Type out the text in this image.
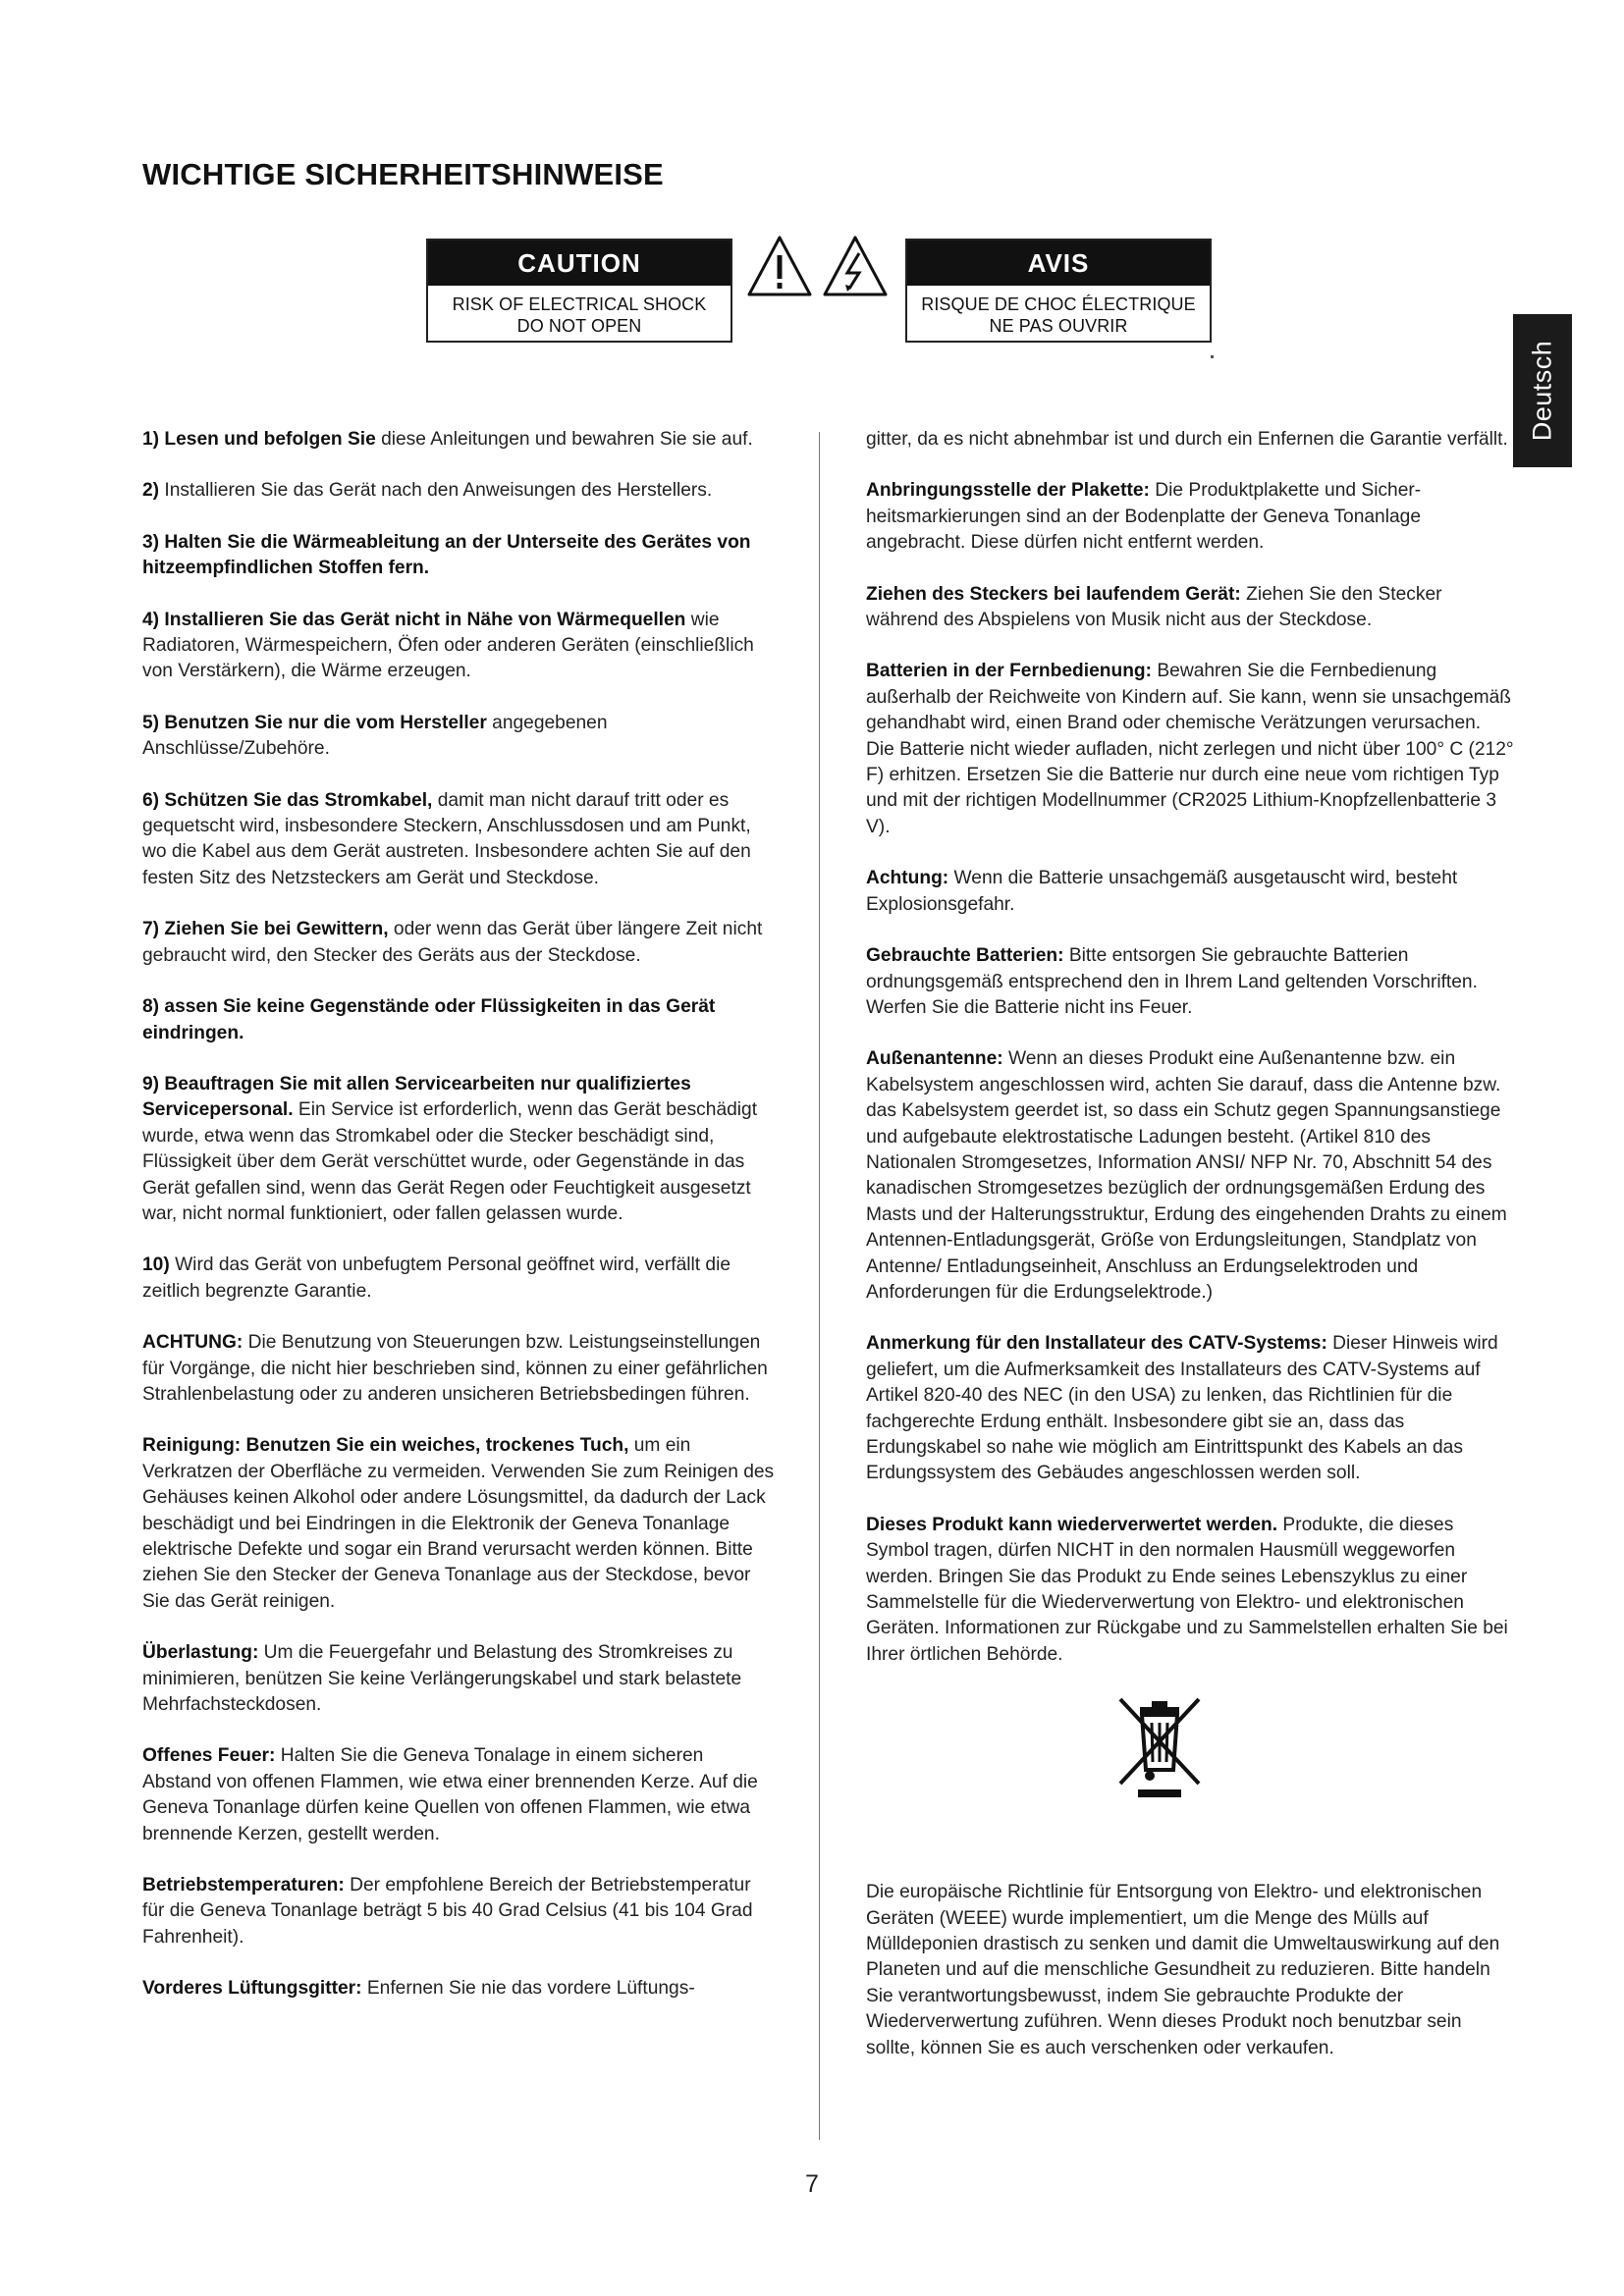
WICHTIGE SICHERHEITSHINWEISE
CAUTION
RISK OF ELECTRICAL SHOCK
DO NOT OPEN
AVIS
RISQUE DE CHOC ÉLECTRIQUE
NE PAS OUVRIR
Deutsch

1) Lesen und befolgen Sie diese Anleitungen und bewahren Sie sie auf.

2) Installieren Sie das Gerät nach den Anweisungen des Herstellers.

3) Halten Sie die Wärmeableitung an der Unterseite des Gerätes von hitzeempfindlichen Stoffen fern.

4) Installieren Sie das Gerät nicht in Nähe von Wärmequellen wie Radiatoren, Wärmespeichern, Öfen oder anderen Geräten (einschließlich von Verstärkern), die Wärme erzeugen.

5) Benutzen Sie nur die vom Hersteller angegebenen Anschlüsse/Zubehöre.

6) Schützen Sie das Stromkabel, damit man nicht darauf tritt oder es gequetscht wird, insbesondere Steckern, Anschlussdosen und am Punkt, wo die Kabel aus dem Gerät austreten. Insbesondere achten Sie auf den festen Sitz des Netzsteckers am Gerät und Steckdose.

7) Ziehen Sie bei Gewittern, oder wenn das Gerät über längere Zeit nicht gebraucht wird, den Stecker des Geräts aus der Steckdose.

8) assen Sie keine Gegenstände oder Flüssigkeiten in das Gerät eindringen.

9) Beauftragen Sie mit allen Servicearbeiten nur qualifiziertes Servicepersonal. Ein Service ist erforderlich, wenn das Gerät beschädigt wurde, etwa wenn das Stromkabel oder die Stecker beschädigt sind, Flüssigkeit über dem Gerät verschüttet wurde, oder Gegenstände in das Gerät gefallen sind, wenn das Gerät Regen oder Feuchtigkeit ausgesetzt war, nicht normal funktioniert, oder fallen gelassen wurde.

10) Wird das Gerät von unbefugtem Personal geöffnet wird, verfällt die zeitlich begrenzte Garantie.

ACHTUNG: Die Benutzung von Steuerungen bzw. Leistungseinstellungen für Vorgänge, die nicht hier beschrieben sind, können zu einer gefährlichen Strahlenbelastung oder zu anderen unsicheren Betriebsbedingen führen.

Reinigung: Benutzen Sie ein weiches, trockenes Tuch, um ein Verkratzen der Oberfläche zu vermeiden. Verwenden Sie zum Reinigen des Gehäuses keinen Alkohol oder andere Lösungsmittel, da dadurch der Lack beschädigt und bei Eindringen in die Elektronik der Geneva Tonanlage elektrische Defekte und sogar ein Brand verursacht werden können. Bitte ziehen Sie den Stecker der Geneva Tonanlage aus der Steckdose, bevor Sie das Gerät reinigen.

Überlastung: Um die Feuergefahr und Belastung des Stromkreises zu minimieren, benützen Sie keine Verlängerungskabel und stark belastete Mehrfachsteckdosen.

Offenes Feuer: Halten Sie die Geneva Tonalage in einem sicheren Abstand von offenen Flammen, wie etwa einer brennenden Kerze. Auf die Geneva Tonanlage dürfen keine Quellen von offenen Flammen, wie etwa brennende Kerzen, gestellt werden.

Betriebstemperaturen: Der empfohlene Bereich der Betriebstemperatur für die Geneva Tonanlage beträgt 5 bis 40 Grad Celsius (41 bis 104 Grad Fahrenheit).

Vorderes Lüftungsgitter: Enfernen Sie nie das vordere Lüftungs-

gitter, da es nicht abnehmbar ist und durch ein Enfernen die Garantie verfällt.

Anbringungsstelle der Plakette: Die Produktplakette und Sicherheitsmarkierungen sind an der Bodenplatte der Geneva Tonanlage angebracht. Diese dürfen nicht entfernt werden.

Ziehen des Steckers bei laufendem Gerät: Ziehen Sie den Stecker während des Abspielens von Musik nicht aus der Steckdose.

Batterien in der Fernbedienung: Bewahren Sie die Fernbedienung außerhalb der Reichweite von Kindern auf. Sie kann, wenn sie unsachgemäß gehandhabt wird, einen Brand oder chemische Verätzungen verursachen. Die Batterie nicht wieder aufladen, nicht zerlegen und nicht über 100° C (212° F) erhitzen. Ersetzen Sie die Batterie nur durch eine neue vom richtigen Typ und mit der richtigen Modellnummer (CR2025 Lithium-Knopfzellenbatterie 3 V).

Achtung: Wenn die Batterie unsachgemäß ausgetauscht wird, besteht Explosionsgefahr.

Gebrauchte Batterien: Bitte entsorgen Sie gebrauchte Batterien ordnungsgemäß entsprechend den in Ihrem Land geltenden Vorschriften. Werfen Sie die Batterie nicht ins Feuer.

Außenantenne: Wenn an dieses Produkt eine Außenantenne bzw. ein Kabelsystem angeschlossen wird, achten Sie darauf, dass die Antenne bzw. das Kabelsystem geerdet ist, so dass ein Schutz gegen Spannungsanstiege und aufgebaute elektrostatische Ladungen besteht. (Artikel 810 des Nationalen Stromgesetzes, Information ANSI/ NFP Nr. 70, Abschnitt 54 des kanadischen Stromgesetzes bezüglich der ordnungsgemäßen Erdung des Masts und der Halterungsstruktur, Erdung des eingehenden Drahts zu einem Antennen-Entladungsgerät, Größe von Erdungsleitungen, Standplatz von Antenne/ Entladungseinheit, Anschluss an Erdungselektroden und Anforderungen für die Erdungselektrode.)

Anmerkung für den Installateur des CATV-Systems: Dieser Hinweis wird geliefert, um die Aufmerksamkeit des Installateurs des CATV-Systems auf Artikel 820-40 des NEC (in den USA) zu lenken, das Richtlinien für die fachgerechte Erdung enthält. Insbesondere gibt sie an, dass das Erdungskabel so nahe wie möglich am Eintrittspunkt des Kabels an das Erdungssystem des Gebäudes angeschlossen werden soll.

Dieses Produkt kann wiederverwertet werden. Produkte, die dieses Symbol tragen, dürfen NICHT in den normalen Hausmüll weggeworfen werden. Bringen Sie das Produkt zu Ende seines Lebenszyklus zu einer Sammelstelle für die Wiederverwertung von Elektro- und elektronischen Geräten. Informationen zur Rückgabe und zu Sammelstellen erhalten Sie bei Ihrer örtlichen Behörde.

Die europäische Richtlinie für Entsorgung von Elektro- und elektronischen Geräten (WEEE) wurde implementiert, um die Menge des Mülls auf Mülldeponien drastisch zu senken und damit die Umweltauswirkung auf den Planeten und auf die menschliche Gesundheit zu reduzieren. Bitte handeln Sie verantwortungsbewusst, indem Sie gebrauchte Produkte der Wiederverwertung zuführen. Wenn dieses Produkt noch benutzbar sein sollte, können Sie es auch verschenken oder verkaufen.

7
